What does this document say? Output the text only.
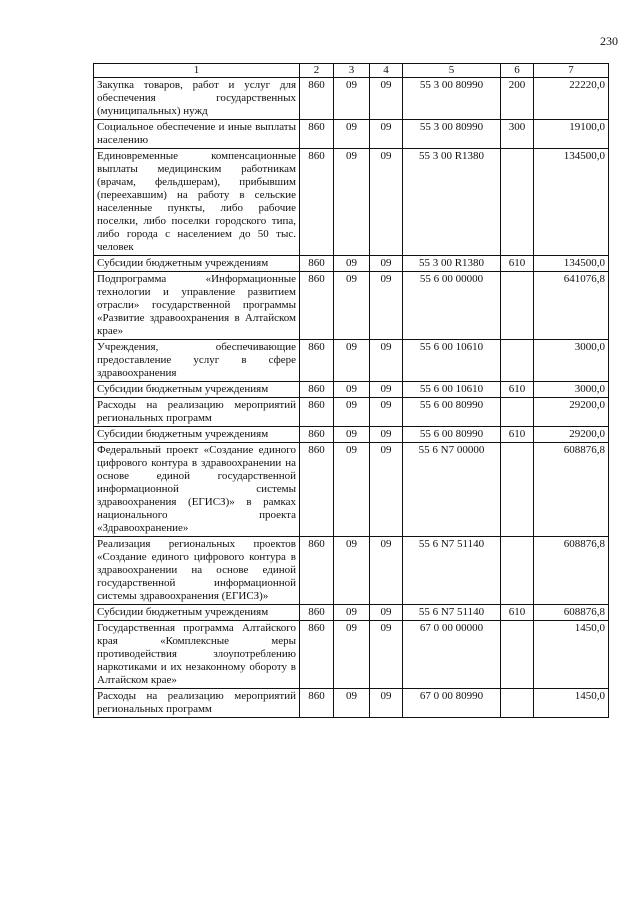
230
1	2	3	4	5	6	7
Закупка товаров, работ и услуг для обеспечения государственных (муниципальных) нужд	860	09	09	55 3 00 80990	200	22220,0
Социальное обеспечение и иные выплаты населению	860	09	09	55 3 00 80990	300	19100,0
Единовременные компенсационные выплаты медицинским работникам (врачам, фельдшерам), прибывшим (переехавшим) на работу в сельские населенные пункты, либо рабочие поселки, либо поселки городского типа, либо города с населением до 50 тыс. человек	860	09	09	55 3 00 R1380		134500,0
Субсидии бюджетным учреждениям	860	09	09	55 3 00 R1380	610	134500,0
Подпрограмма «Информационные технологии и управление развитием отрасли» государственной программы «Развитие здравоохранения в Алтайском крае»	860	09	09	55 6 00 00000		641076,8
Учреждения, обеспечивающие предоставление услуг в сфере здравоохранения	860	09	09	55 6 00 10610		3000,0
Субсидии бюджетным учреждениям	860	09	09	55 6 00 10610	610	3000,0
Расходы на реализацию мероприятий региональных программ	860	09	09	55 6 00 80990		29200,0
Субсидии бюджетным учреждениям	860	09	09	55 6 00 80990	610	29200,0
Федеральный проект «Создание единого цифрового контура в здравоохранении на основе единой государственной информационной системы здравоохранения (ЕГИСЗ)» в рамках национального проекта «Здравоохранение»	860	09	09	55 6 N7 00000		608876,8
Реализация региональных проектов «Создание единого цифрового контура в здравоохранении на основе единой государственной информационной системы здравоохранения (ЕГИСЗ)»	860	09	09	55 6 N7 51140		608876,8
Субсидии бюджетным учреждениям	860	09	09	55 6 N7 51140	610	608876,8
Государственная программа Алтайского края «Комплексные меры противодействия злоупотреблению наркотиками и их незаконному обороту в Алтайском крае»	860	09	09	67 0 00 00000		1450,0
Расходы на реализацию мероприятий региональных программ	860	09	09	67 0 00 80990		1450,0
